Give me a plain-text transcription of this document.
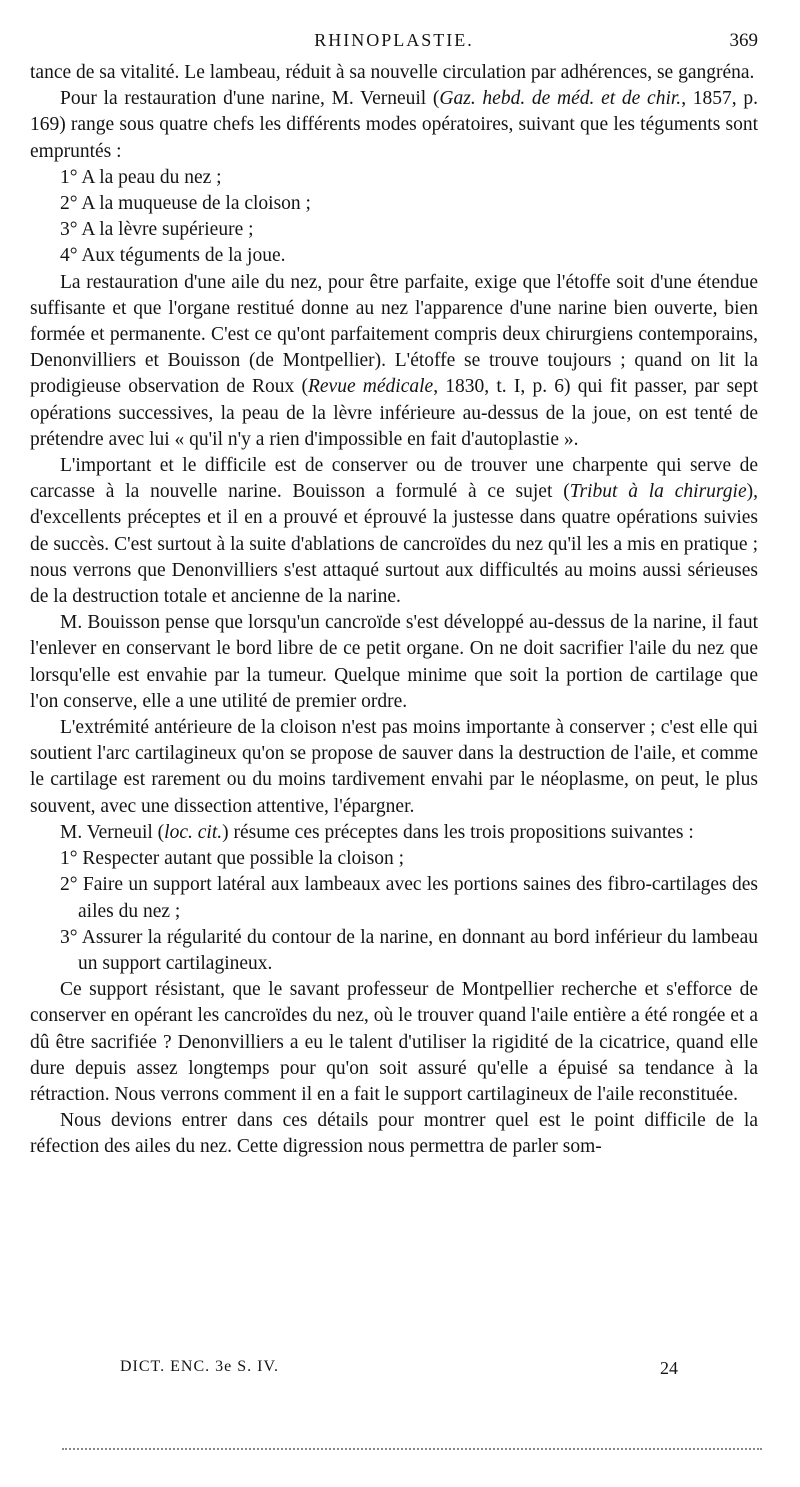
RHINOPLASTIE.	369

tance de sa vitalité. Le lambeau, réduit à sa nouvelle circulation par adhérences, se gangréna.

Pour la restauration d'une narine, M. Verneuil (Gaz. hebd. de méd. et de chir., 1857, p. 169) range sous quatre chefs les différents modes opératoires, suivant que les téguments sont empruntés :

1° A la peau du nez ;

2° A la muqueuse de la cloison ;

3° A la lèvre supérieure ;

4° Aux téguments de la joue.

La restauration d'une aile du nez, pour être parfaite, exige que l'étoffe soit d'une étendue suffisante et que l'organe restitué donne au nez l'apparence d'une narine bien ouverte, bien formée et permanente. C'est ce qu'ont parfaitement compris deux chirurgiens contemporains, Denonvilliers et Bouisson (de Montpellier). L'étoffe se trouve toujours ; quand on lit la prodigieuse observation de Roux (Revue médicale, 1830, t. I, p. 6) qui fit passer, par sept opérations successives, la peau de la lèvre inférieure au-dessus de la joue, on est tenté de prétendre avec lui « qu'il n'y a rien d'impossible en fait d'autoplastie ».

L'important et le difficile est de conserver ou de trouver une charpente qui serve de carcasse à la nouvelle narine. Bouisson a formulé à ce sujet (Tribut à la chirurgie), d'excellents préceptes et il en a prouvé et éprouvé la justesse dans quatre opérations suivies de succès. C'est surtout à la suite d'ablations de cancroïdes du nez qu'il les a mis en pratique ; nous verrons que Denonvilliers s'est attaqué surtout aux difficultés au moins aussi sérieuses de la destruction totale et ancienne de la narine.

M. Bouisson pense que lorsqu'un cancroïde s'est développé au-dessus de la narine, il faut l'enlever en conservant le bord libre de ce petit organe. On ne doit sacrifier l'aile du nez que lorsqu'elle est envahie par la tumeur. Quelque minime que soit la portion de cartilage que l'on conserve, elle a une utilité de premier ordre.

L'extrémité antérieure de la cloison n'est pas moins importante à conserver ; c'est elle qui soutient l'arc cartilagineux qu'on se propose de sauver dans la destruction de l'aile, et comme le cartilage est rarement ou du moins tardivement envahi par le néoplasme, on peut, le plus souvent, avec une dissection attentive, l'épargner.

M. Verneuil (loc. cit.) résume ces préceptes dans les trois propositions suivantes :

1° Respecter autant que possible la cloison ;

2° Faire un support latéral aux lambeaux avec les portions saines des fibro-cartilages des ailes du nez ;

3° Assurer la régularité du contour de la narine, en donnant au bord inférieur du lambeau un support cartilagineux.

Ce support résistant, que le savant professeur de Montpellier recherche et s'efforce de conserver en opérant les cancroïdes du nez, où le trouver quand l'aile entière a été rongée et a dû être sacrifiée ? Denonvilliers a eu le talent d'utiliser la rigidité de la cicatrice, quand elle dure depuis assez longtemps pour qu'on soit assuré qu'elle a épuisé sa tendance à la rétraction. Nous verrons comment il en a fait le support cartilagineux de l'aile reconstituée.

Nous devions entrer dans ces détails pour montrer quel est le point difficile de la réfection des ailes du nez. Cette digression nous permettra de parler som-

DICT. ENC. 3e S. IV.	24
